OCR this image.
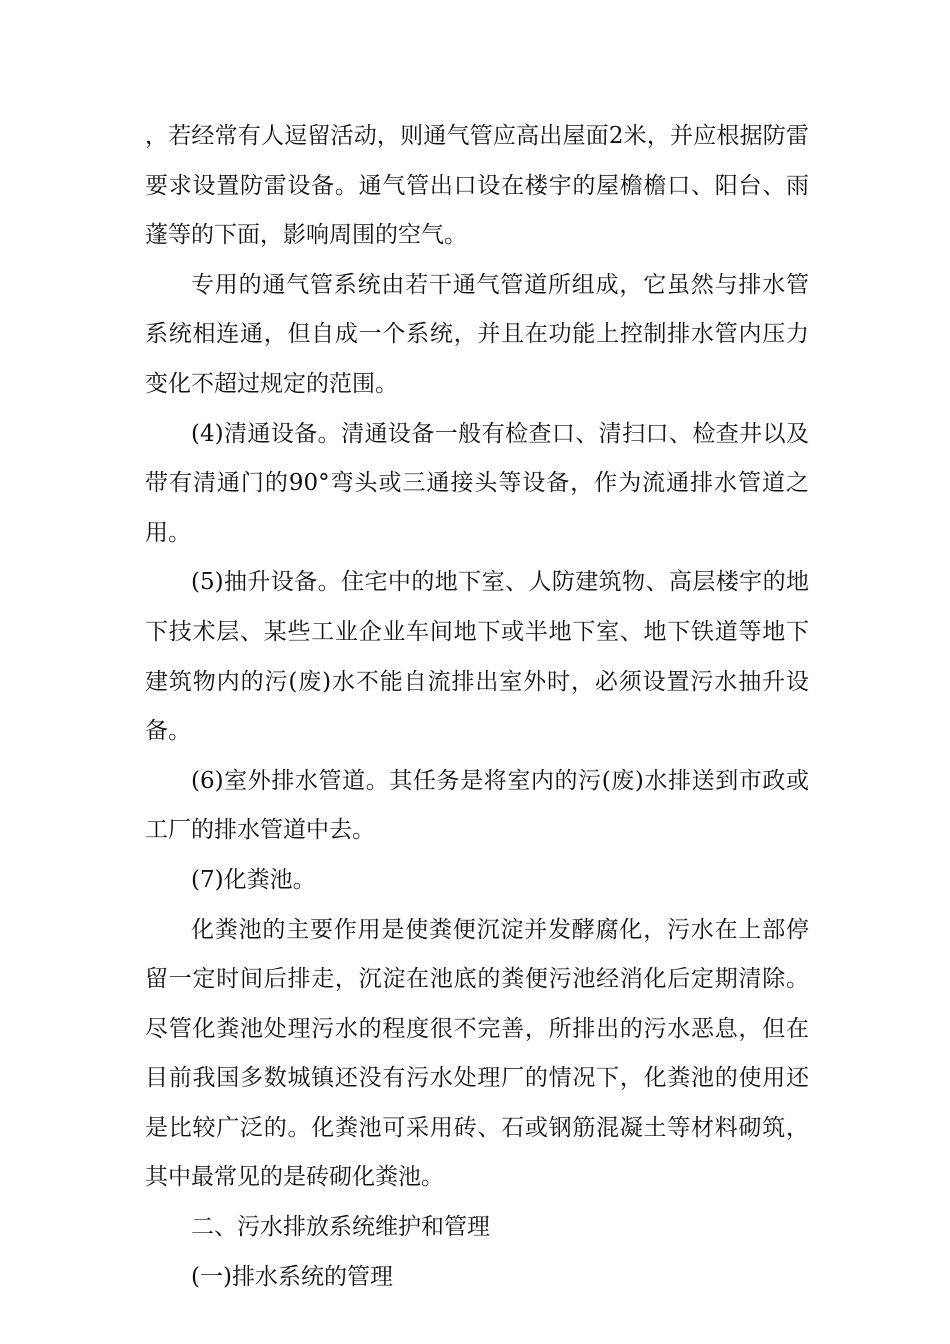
，若经常有人逗留活动，则通气管应高出屋面2米，并应根据防雷要求设置防雷设备。通气管出口设在楼宇的屋檐檐口、阳台、雨蓬等的下面，影响周围的空气。

专用的通气管系统由若干通气管道所组成，它虽然与排水管系统相连通，但自成一个系统，并且在功能上控制排水管内压力变化不超过规定的范围。

(4)清通设备。清通设备一般有检查口、清扫口、检查井以及带有清通门的90°弯头或三通接头等设备，作为流通排水管道之用。

(5)抽升设备。住宅中的地下室、人防建筑物、高层楼宇的地下技术层、某些工业企业车间地下或半地下室、地下铁道等地下建筑物内的污(废)水不能自流排出室外时，必须设置污水抽升设备。

(6)室外排水管道。其任务是将室内的污(废)水排送到市政或工厂的排水管道中去。

(7)化粪池。

化粪池的主要作用是使粪便沉淀并发酵腐化，污水在上部停留一定时间后排走，沉淀在池底的粪便污池经消化后定期清除。尽管化粪池处理污水的程度很不完善，所排出的污水恶息，但在目前我国多数城镇还没有污水处理厂的情况下，化粪池的使用还是比较广泛的。化粪池可采用砖、石或钢筋混凝土等材料砌筑，其中最常见的是砖砌化粪池。

二、污水排放系统维护和管理

(一)排水系统的管理
